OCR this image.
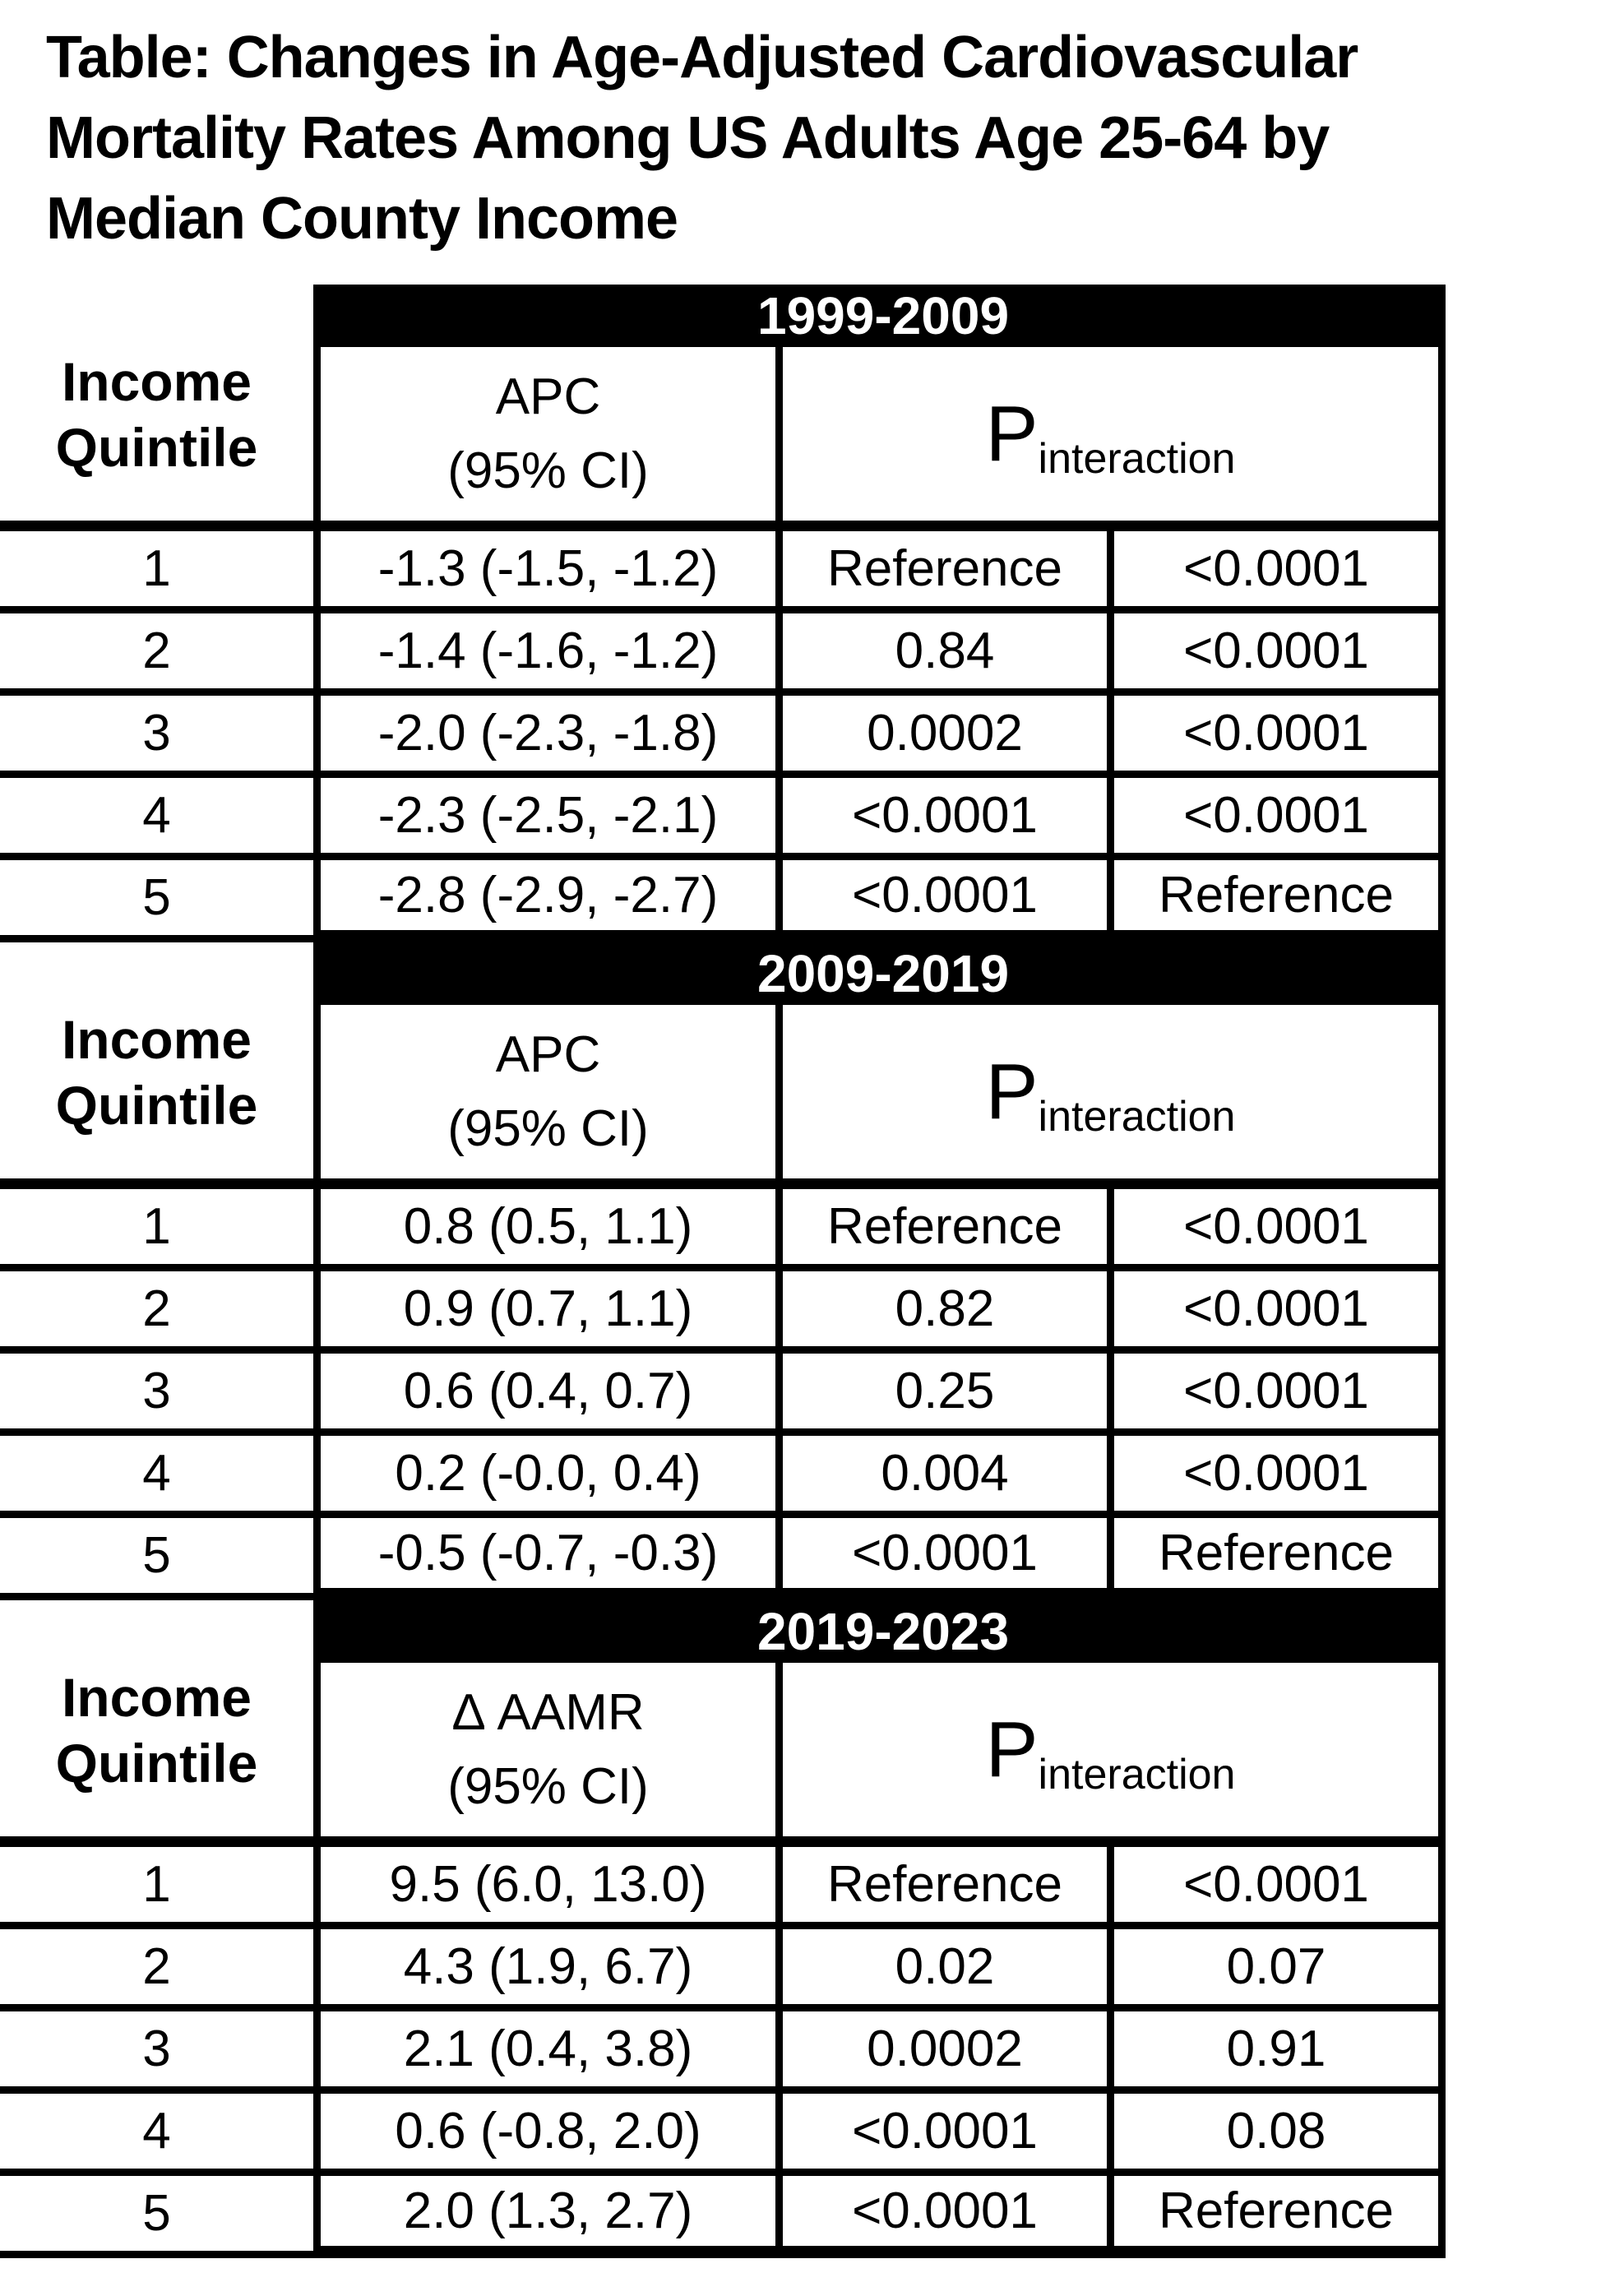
Table: Changes in Age-Adjusted Cardiovascular Mortality Rates Among US Adults Age 25-64 by Median County Income
Income
Quintile
1999-2009
APC
(95% CI)	P interaction
1	-1.3 (-1.5, -1.2)	Reference	<0.0001
2	-1.4 (-1.6, -1.2)	0.84	<0.0001
3	-2.0 (-2.3, -1.8)	0.0002	<0.0001
4	-2.3 (-2.5, -2.1)	<0.0001	<0.0001
5	-2.8 (-2.9, -2.7)	<0.0001	Reference
Income
Quintile
2009-2019
APC
(95% CI)	P interaction
1	0.8 (0.5, 1.1)	Reference	<0.0001
2	0.9 (0.7, 1.1)	0.82	<0.0001
3	0.6 (0.4, 0.7)	0.25	<0.0001
4	0.2 (-0.0, 0.4)	0.004	<0.0001
5	-0.5 (-0.7, -0.3)	<0.0001	Reference
Income
Quintile
2019-2023
Δ AAMR
(95% CI)	P interaction
1	9.5 (6.0, 13.0)	Reference	<0.0001
2	4.3 (1.9, 6.7)	0.02	0.07
3	2.1 (0.4, 3.8)	0.0002	0.91
4	0.6 (-0.8, 2.0)	<0.0001	0.08
5	2.0 (1.3, 2.7)	<0.0001	Reference
